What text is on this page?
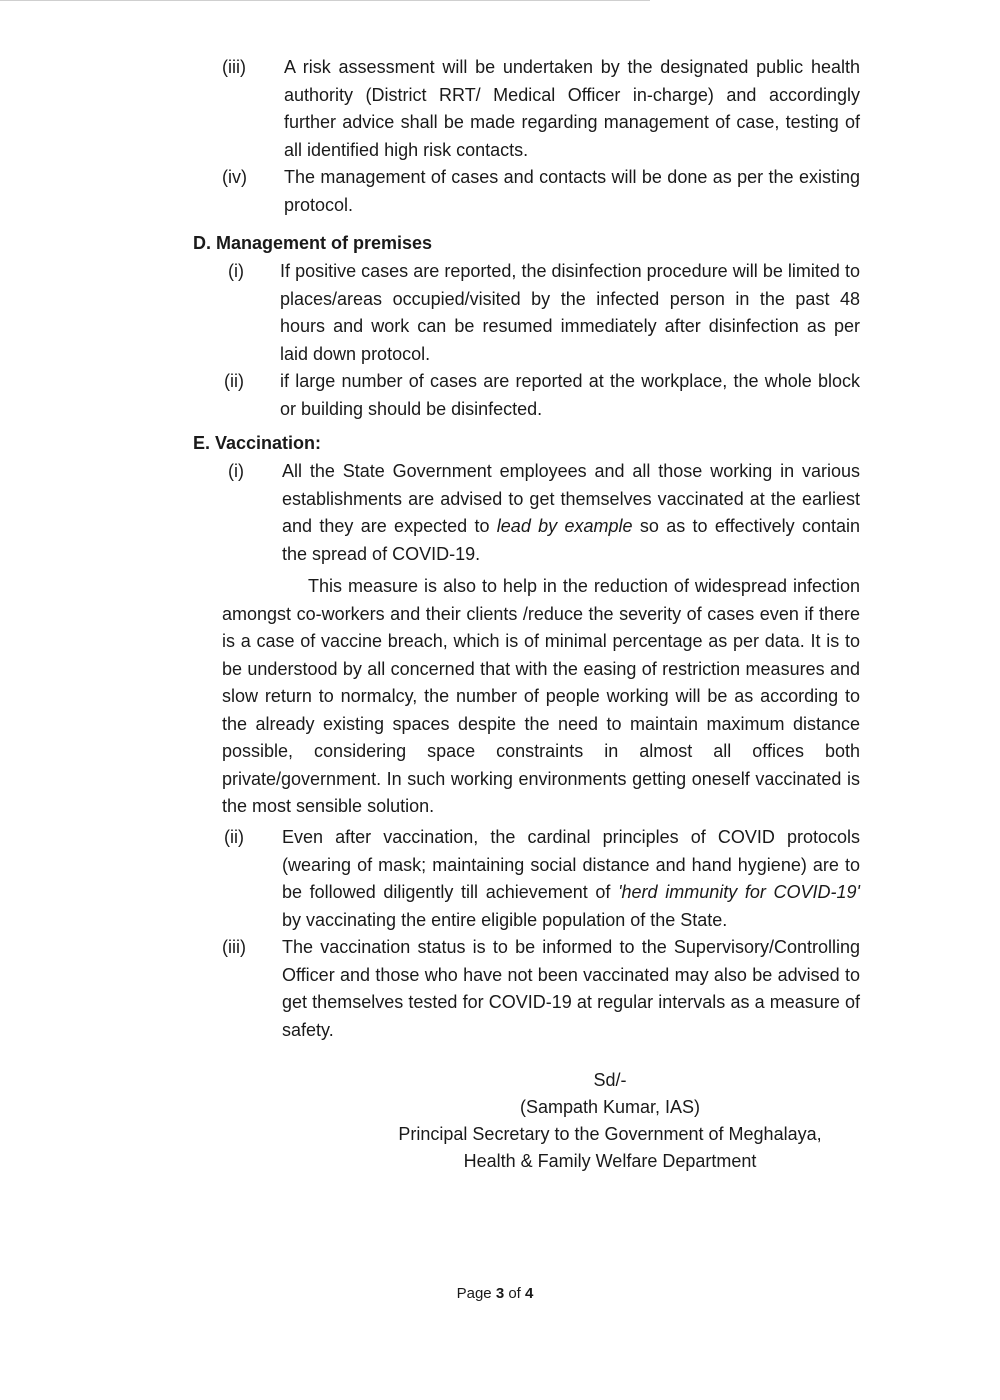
(iii) A risk assessment will be undertaken by the designated public health authority (District RRT/ Medical Officer in-charge) and accordingly further advice shall be made regarding management of case, testing of all identified high risk contacts.
(iv) The management of cases and contacts will be done as per the existing protocol.
D. Management of premises
(i) If positive cases are reported, the disinfection procedure will be limited to places/areas occupied/visited by the infected person in the past 48 hours and work can be resumed immediately after disinfection as per laid down protocol.
(ii) if large number of cases are reported at the workplace, the whole block or building should be disinfected.
E. Vaccination:
(i) All the State Government employees and all those working in various establishments are advised to get themselves vaccinated at the earliest and they are expected to lead by example so as to effectively contain the spread of COVID-19.
This measure is also to help in the reduction of widespread infection amongst co-workers and their clients /reduce the severity of cases even if there is a case of vaccine breach, which is of minimal percentage as per data. It is to be understood by all concerned that with the easing of restriction measures and slow return to normalcy, the number of people working will be as according to the already existing spaces despite the need to maintain maximum distance possible, considering space constraints in almost all offices both private/government. In such working environments getting oneself vaccinated is the most sensible solution.
(ii) Even after vaccination, the cardinal principles of COVID protocols (wearing of mask; maintaining social distance and hand hygiene) are to be followed diligently till achievement of 'herd immunity for COVID-19' by vaccinating the entire eligible population of the State.
(iii) The vaccination status is to be informed to the Supervisory/Controlling Officer and those who have not been vaccinated may also be advised to get themselves tested for COVID-19 at regular intervals as a measure of safety.
Sd/-
(Sampath Kumar, IAS)
Principal Secretary to the Government of Meghalaya,
Health & Family Welfare Department
Page 3 of 4
